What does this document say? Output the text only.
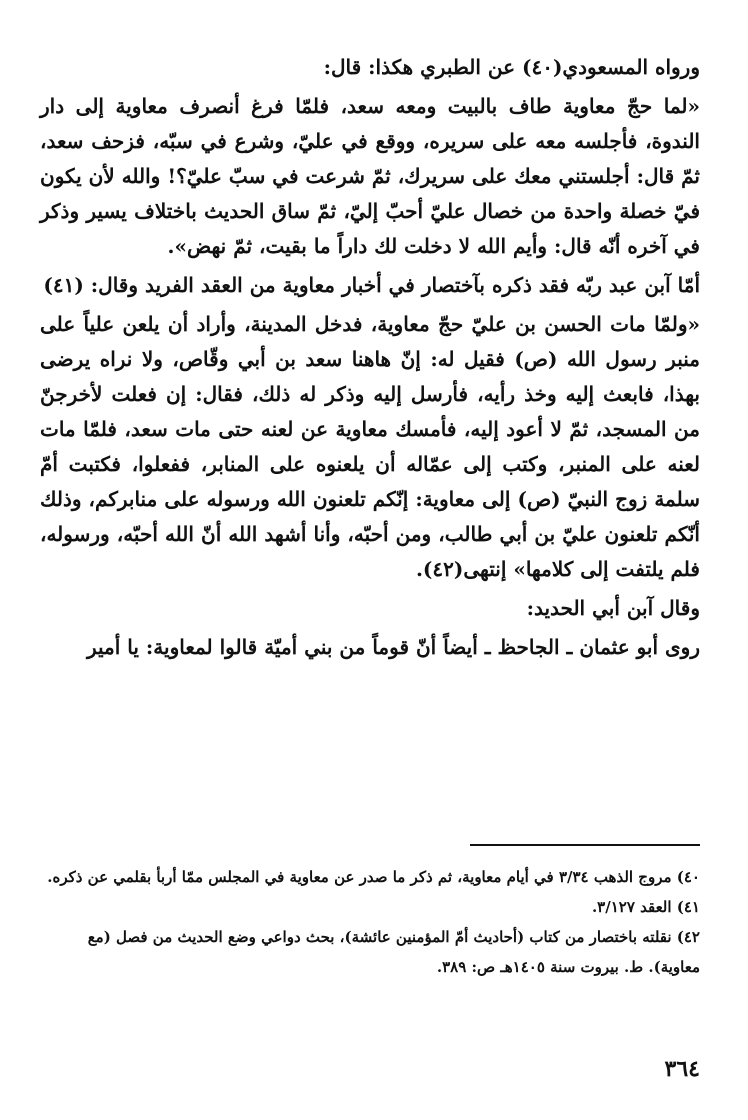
ورواه المسعودي(٤٠) عن الطبري هكذا: قال:

«لما حجّ معاوية طاف بالبيت ومعه سعد، فلمّا فرغ أنصرف معاوية إلى دار الندوة، فأجلسه معه على سريره، ووقع في عليّ، وشرع في سبّه، فزحف سعد، ثمّ قال: أجلستني معك على سريرك، ثمّ شرعت في سبّ عليّ؟! والله لأن يكون فيّ خصلة واحدة من خصال عليّ أحبّ إليّ، ثمّ ساق الحديث باختلاف يسير وذكر في آخره أنّه قال: وأيم الله لا دخلت لك داراً ما بقيت، ثمّ نهض».

أمّا آبن عبد ربّه فقد ذكره بآختصار في أخبار معاوية من العقد الفريد وقال: (٤١)

«ولمّا مات الحسن بن عليّ حجّ معاوية، فدخل المدينة، وأراد أن يلعن علياً على منبر رسول الله (ص) فقيل له: إنّ هاهنا سعد بن أبي وقّاص، ولا نراه يرضى بهذا، فابعث إليه وخذ رأيه، فأرسل إليه وذكر له ذلك، فقال: إن فعلت لأخرجنّ من المسجد، ثمّ لا أعود إليه، فأمسك معاوية عن لعنه حتى مات سعد، فلمّا مات لعنه على المنبر، وكتب إلى عمّاله أن يلعنوه على المنابر، ففعلوا، فكتبت أمّ سلمة زوج النبيّ (ص) إلى معاوية: إنّكم تلعنون الله ورسوله على منابركم، وذلك أنّكم تلعنون عليّ بن أبي طالب، ومن أحبّه، وأنا أشهد الله أنّ الله أحبّه، ورسوله، فلم يلتفت إلى كلامها» إنتهى(٤٢).

وقال آبن أبي الحديد:

روى أبو عثمان ـ الجاحظ ـ أيضاً أنّ قوماً من بني أميّة قالوا لمعاوية: يا أمير

٤٠) مروج الذهب ٣/٣٤ في أيام معاوية، ثم ذكر ما صدر عن معاوية في المجلس ممّا أربأ بقلمي عن ذكره.

٤١) العقد ٣/١٢٧.

٤٢) نقلته باختصار من كتاب (أحاديث أمّ المؤمنين عائشة)، بحث دواعي وضع الحديث من فصل (مع معاوية). ط. بيروت سنة ١٤٠٥هـ ص: ٣٨٩.

٣٦٤
